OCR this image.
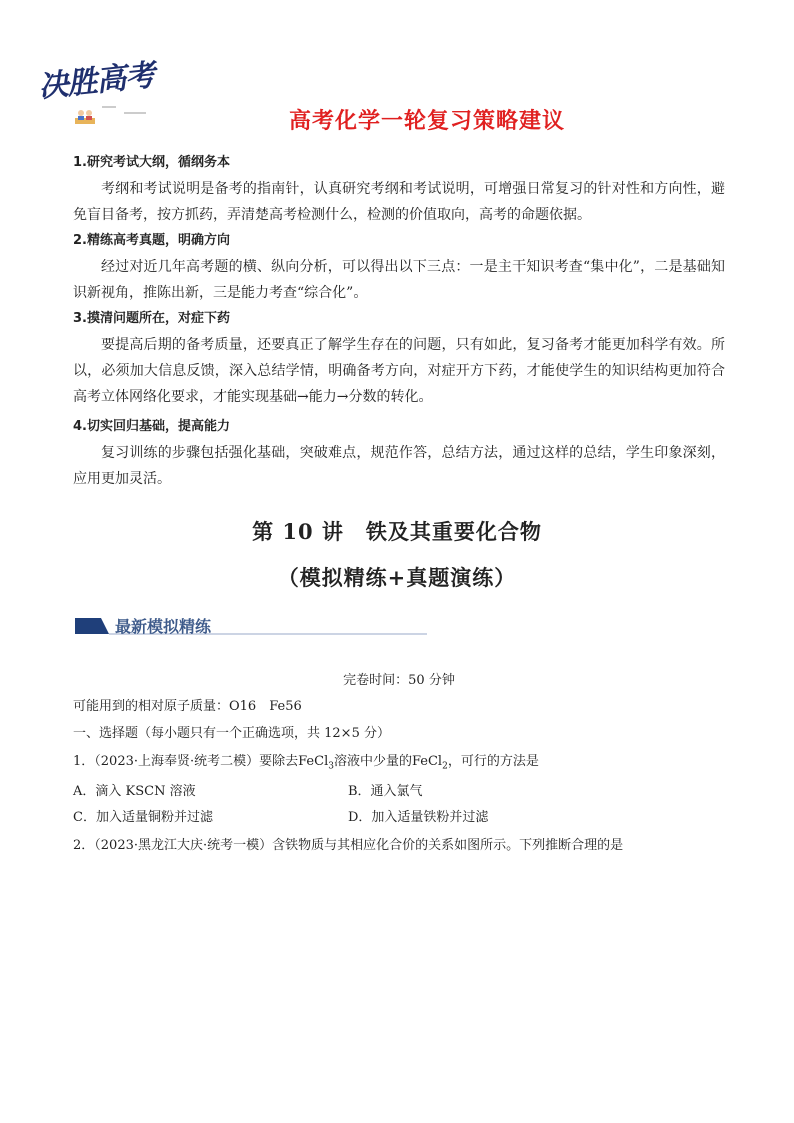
决胜高考
高考化学一轮复习策略建议
1.研究考试大纲，循纲务本
考纲和考试说明是备考的指南针，认真研究考纲和考试说明，可增强日常复习的针对性和方向性，避免盲目备考，按方抓药，弄清楚高考检测什么，检测的价值取向，高考的命题依据。
2.精练高考真题，明确方向
经过对近几年高考题的横、纵向分析，可以得出以下三点：一是主干知识考查“集中化”，二是基础知识新视角，推陈出新，三是能力考查“综合化”。
3.摸清问题所在，对症下药
要提高后期的备考质量，还要真正了解学生存在的问题，只有如此，复习备考才能更加科学有效。所以，必须加大信息反馈，深入总结学情，明确备考方向，对症开方下药，才能使学生的知识结构更加符合高考立体网络化要求，才能实现基础→能力→分数的转化。
4.切实回归基础，提高能力
复习训练的步骤包括强化基础，突破难点，规范作答，总结方法，通过这样的总结，学生印象深刻，应用更加灵活。
第 10 讲　铁及其重要化合物
（模拟精练+真题演练）
最新模拟精练
完卷时间：50 分钟
可能用到的相对原子质量：O16　Fe56
一、选择题（每小题只有一个正确选项，共 12×5 分）
1．（2023·上海奉贤·统考二模）要除去FeCl$_3$溶液中少量的FeCl$_2$，可行的方法是
A．滴入 KSCN 溶液	B．通入氯气
C．加入适量铜粉并过滤	D．加入适量铁粉并过滤
2．（2023·黑龙江大庆·统考一模）含铁物质与其相应化合价的关系如图所示。下列推断合理的是
